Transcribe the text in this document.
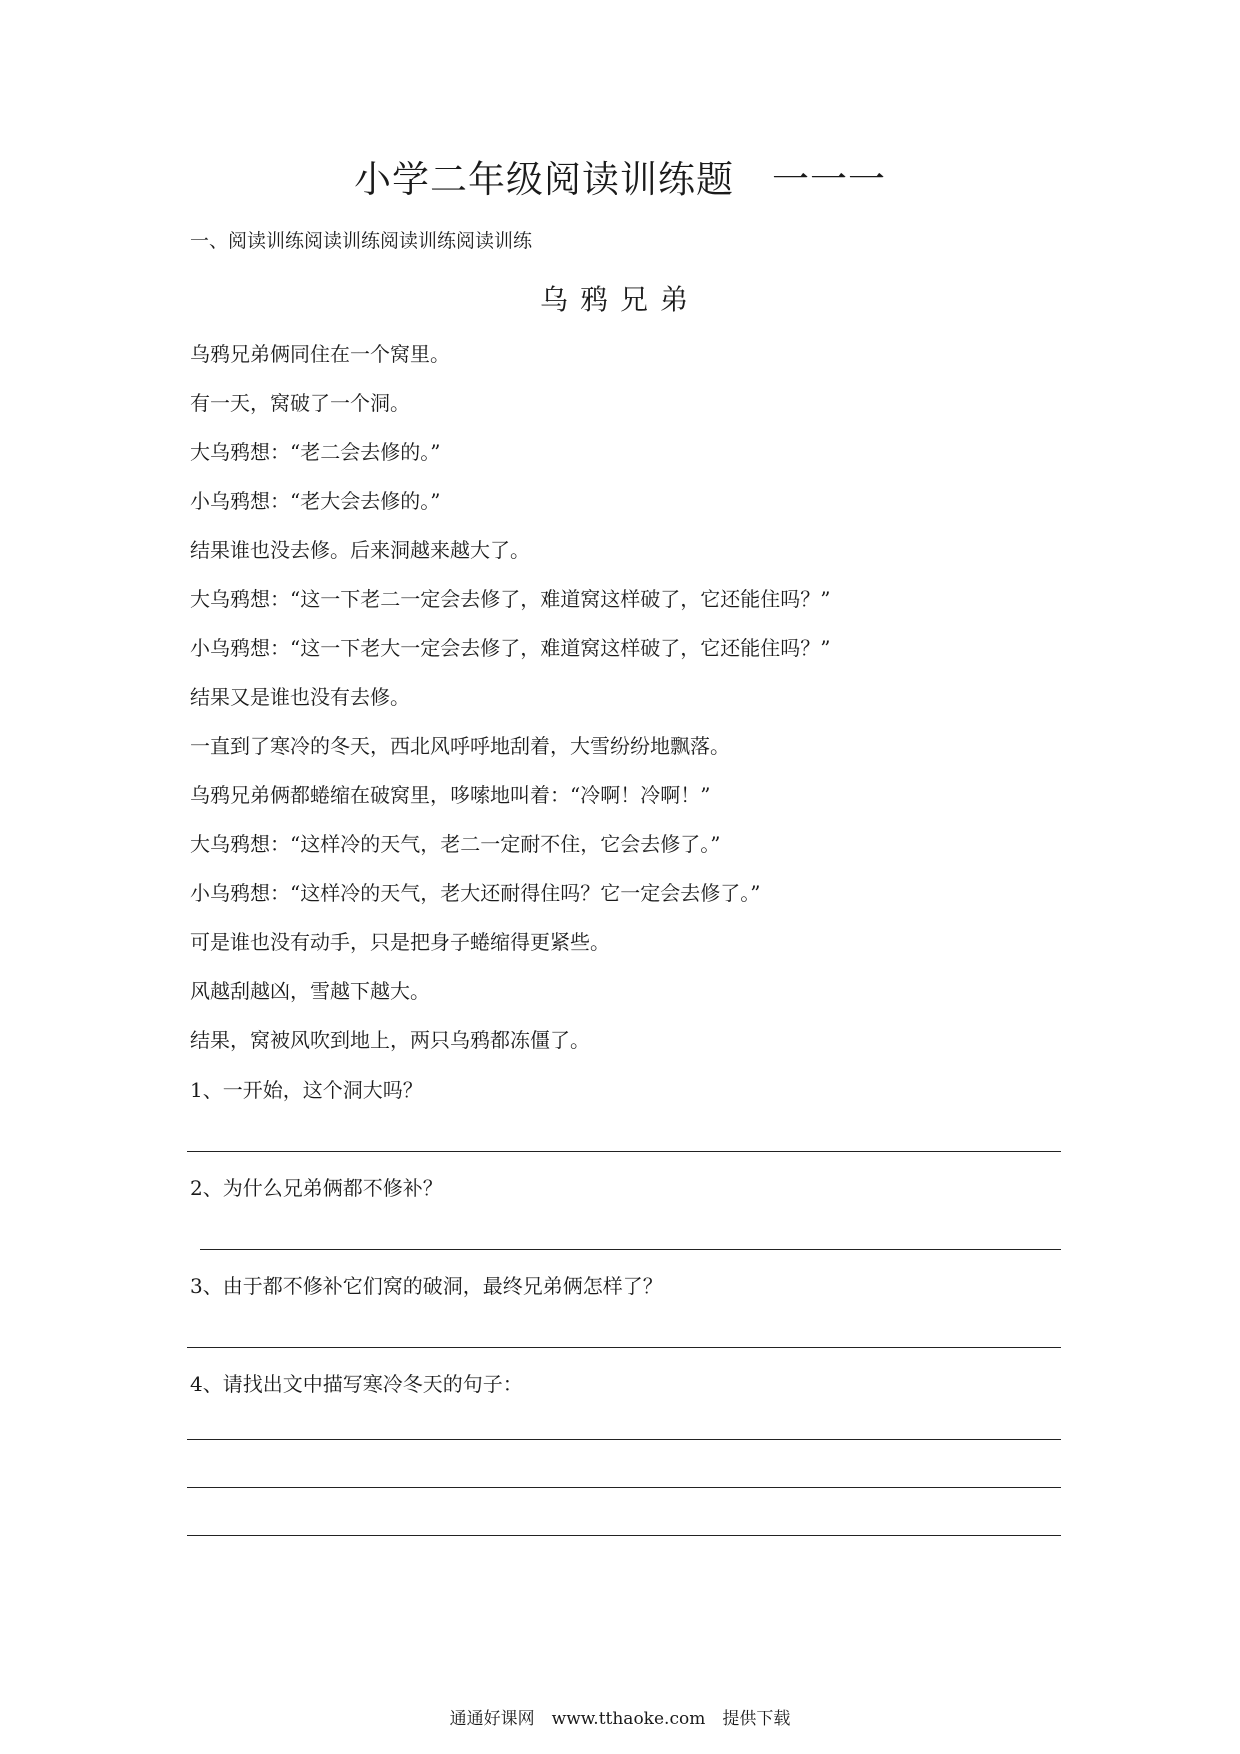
小学二年级阅读训练题　一一一
一、阅读训练阅读训练阅读训练阅读训练
乌鸦兄弟

乌鸦兄弟俩同住在一个窝里。

有一天，窝破了一个洞。

大乌鸦想：“老二会去修的。”

小乌鸦想：“老大会去修的。”

结果谁也没去修。后来洞越来越大了。

大乌鸦想：“这一下老二一定会去修了，难道窝这样破了，它还能住吗？”

小乌鸦想：“这一下老大一定会去修了，难道窝这样破了，它还能住吗？”

结果又是谁也没有去修。

一直到了寒冷的冬天，西北风呼呼地刮着，大雪纷纷地飘落。

乌鸦兄弟俩都蜷缩在破窝里，哆嗦地叫着：“冷啊！冷啊！”

大乌鸦想：“这样冷的天气，老二一定耐不住，它会去修了。”

小乌鸦想：“这样冷的天气，老大还耐得住吗？它一定会去修了。”

可是谁也没有动手，只是把身子蜷缩得更紧些。

风越刮越凶，雪越下越大。

结果，窝被风吹到地上，两只乌鸦都冻僵了。

1、一开始，这个洞大吗？
2、为什么兄弟俩都不修补？
3、由于都不修补它们窝的破洞，最终兄弟俩怎样了？
4、请找出文中描写寒冷冬天的句子：
通通好课网　www.tthaoke.com　提供下载
